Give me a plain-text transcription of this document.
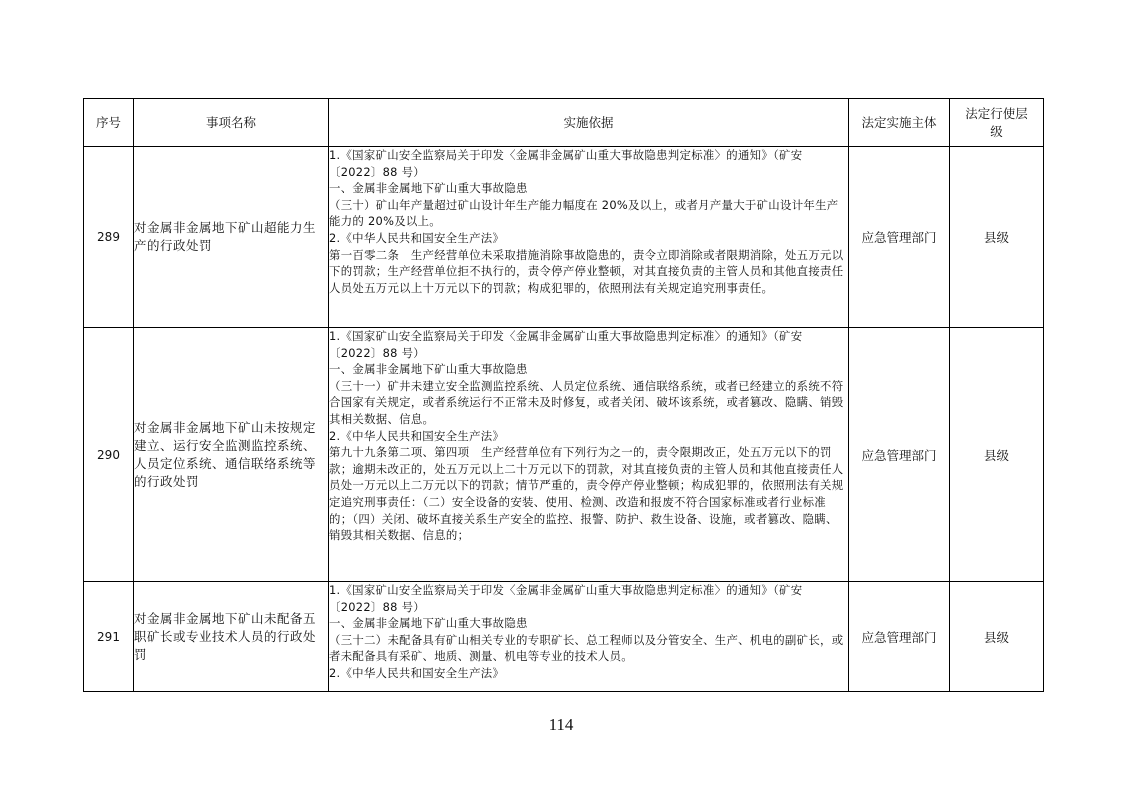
序号	事项名称	实施依据	法定实施主体	法定行使层
级
289	对金属非金属地下矿山超能力生产的行政处罚	1.《国家矿山安全监察局关于印发〈金属非金属矿山重大事故隐患判定标准〉的通知》（矿安〔2022〕88 号）
一、金属非金属地下矿山重大事故隐患
（三十）矿山年产量超过矿山设计年生产能力幅度在 20%及以上，或者月产量大于矿山设计年生产能力的 20%及以上。
2.《中华人民共和国安全生产法》
第一百零二条　生产经营单位未采取措施消除事故隐患的，责令立即消除或者限期消除，处五万元以下的罚款；生产经营单位拒不执行的，责令停产停业整顿，对其直接负责的主管人员和其他直接责任人员处五万元以上十万元以下的罚款；构成犯罪的，依照刑法有关规定追究刑事责任。	应急管理部门	县级
290	对金属非金属地下矿山未按规定建立、运行安全监测监控系统、人员定位系统、通信联络系统等的行政处罚	1.《国家矿山安全监察局关于印发〈金属非金属矿山重大事故隐患判定标准〉的通知》（矿安〔2022〕88 号）
一、金属非金属地下矿山重大事故隐患
（三十一）矿井未建立安全监测监控系统、人员定位系统、通信联络系统，或者已经建立的系统不符合国家有关规定，或者系统运行不正常未及时修复，或者关闭、破坏该系统，或者篡改、隐瞒、销毁其相关数据、信息。
2.《中华人民共和国安全生产法》
第九十九条第二项、第四项　生产经营单位有下列行为之一的，责令限期改正，处五万元以下的罚款；逾期未改正的，处五万元以上二十万元以下的罚款，对其直接负责的主管人员和其他直接责任人员处一万元以上二万元以下的罚款；情节严重的，责令停产停业整顿；构成犯罪的，依照刑法有关规定追究刑事责任：（二）安全设备的安装、使用、检测、改造和报废不符合国家标准或者行业标准的；（四）关闭、破坏直接关系生产安全的监控、报警、防护、救生设备、设施，或者篡改、隐瞒、销毁其相关数据、信息的；	应急管理部门	县级
291	对金属非金属地下矿山未配备五职矿长或专业技术人员的行政处罚	1.《国家矿山安全监察局关于印发〈金属非金属矿山重大事故隐患判定标准〉的通知》（矿安〔2022〕88 号）
一、金属非金属地下矿山重大事故隐患
（三十二）未配备具有矿山相关专业的专职矿长、总工程师以及分管安全、生产、机电的副矿长，或者未配备具有采矿、地质、测量、机电等专业的技术人员。
2.《中华人民共和国安全生产法》	应急管理部门	县级
114
